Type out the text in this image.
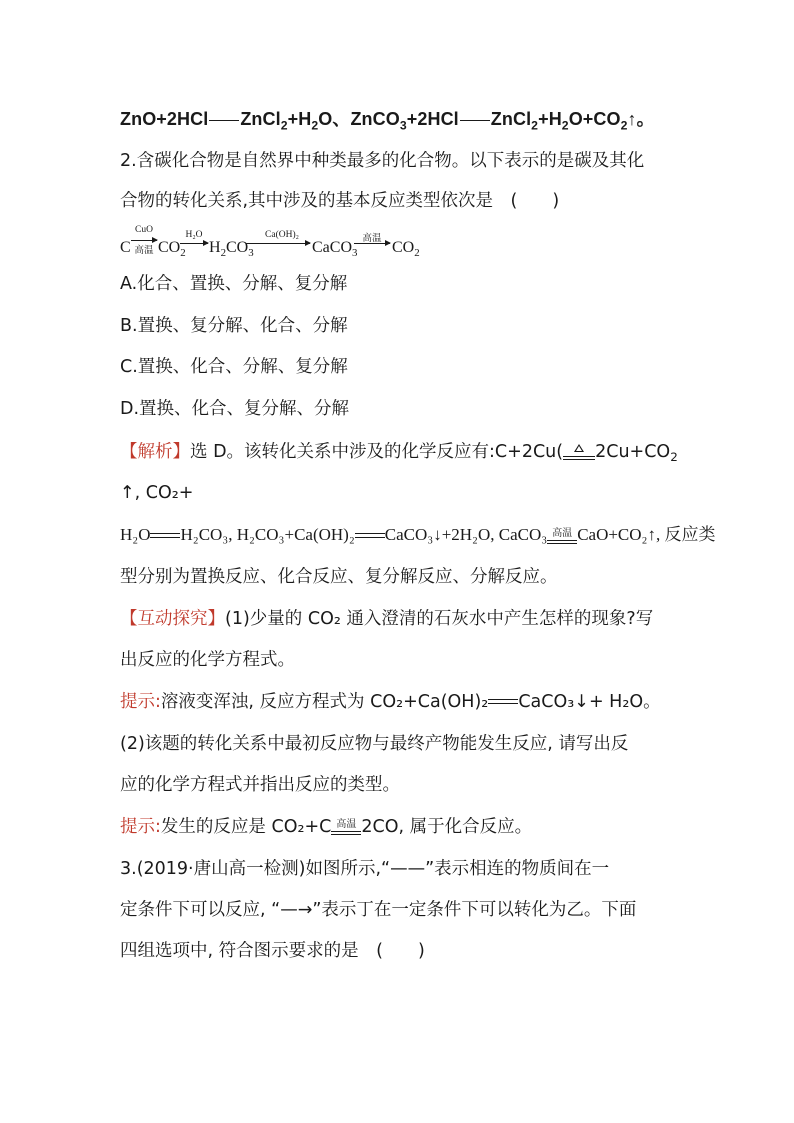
ZnO+2HCl $ZnCl_2+H_2O$、ZnCO$_3$+2HCl $ZnCl_2+H_2O+CO_2↑$。
2.含碳化合物是自然界中种类最多的化合物。以下表示的是碳及其化
合物的转化关系,其中涉及的基本反应类型依次是　(　　)
C
CuO
高温 $CO_2$
H₂O
$H_2CO_3$
Ca(OH)₂
CaCO$_3$
高温 $CO_2$
A.化合、置换、分解、复分解
B.置换、复分解、化合、分解
C.置换、化合、分解、复分解
D.置换、化合、复分解、分解
【解析】选 D。该转化关系中涉及的化学反应有:C+2Cu( $2Cu+CO_2$
↑, CO₂+
H₂O H₂CO₃, H₂CO₃+Ca(OH)₂ CaCO₃↓+2H₂O, CaCO₃ 高温 CaO+CO₂↑, 反应类
型分别为置换反应、化合反应、复分解反应、分解反应。
【互动探究】(1)少量的 CO₂ 通入澄清的石灰水中产生怎样的现象?写
出反应的化学方程式。
提示:溶液变浑浊, 反应方程式为 CO₂+Ca(OH)₂ CaCO₃↓+ H₂O。
(2)该题的转化关系中最初反应物与最终产物能发生反应, 请写出反
应的化学方程式并指出反应的类型。
提示:发生的反应是 CO₂+C 高温 2CO, 属于化合反应。
3.(2019·唐山高一检测)如图所示,“——”表示相连的物质间在一
定条件下可以反应, “—→”表示丁在一定条件下可以转化为乙。下面
四组选项中, 符合图示要求的是　(　　)
